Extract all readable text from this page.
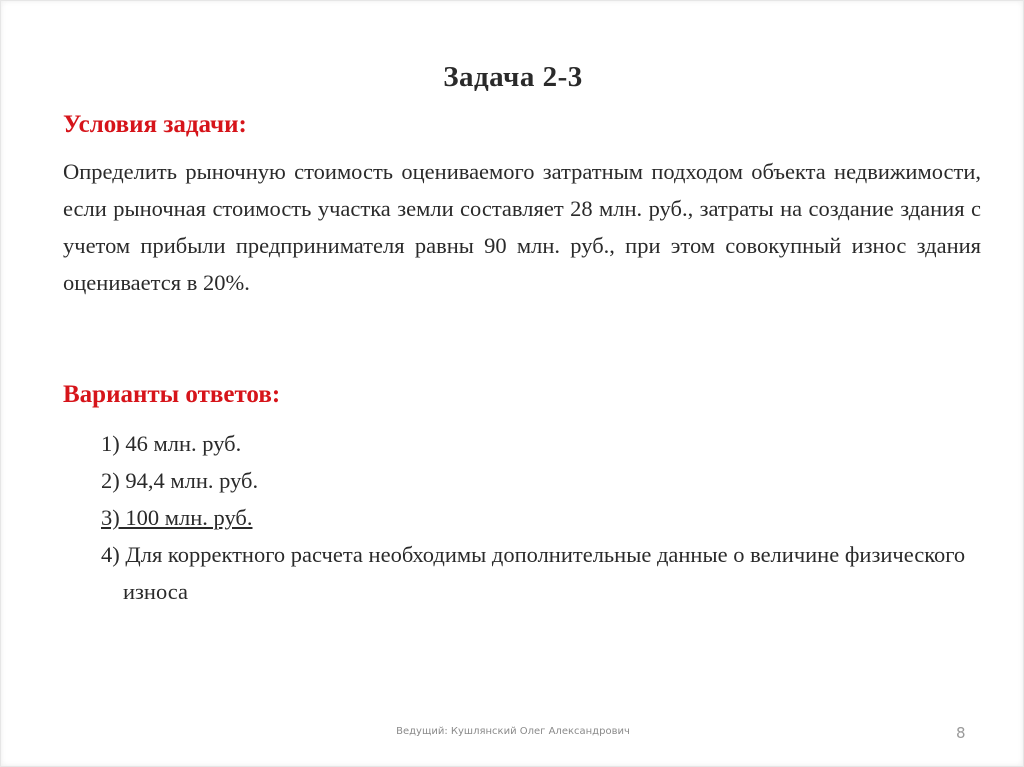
Задача 2-3
Условия задачи:
Определить рыночную стоимость оцениваемого затратным подходом объекта недвижимости, если рыночная стоимость участка земли составляет 28 млн. руб., затраты на создание здания с учетом прибыли предпринимателя равны 90 млн. руб., при этом совокупный износ здания оценивается в 20%.
Варианты ответов:
1) 46 млн. руб.
2) 94,4 млн. руб.
3) 100 млн. руб.
4) Для корректного расчета необходимы дополнительные данные о величине физического износа
Ведущий: Кушлянский Олег Александрович	8
